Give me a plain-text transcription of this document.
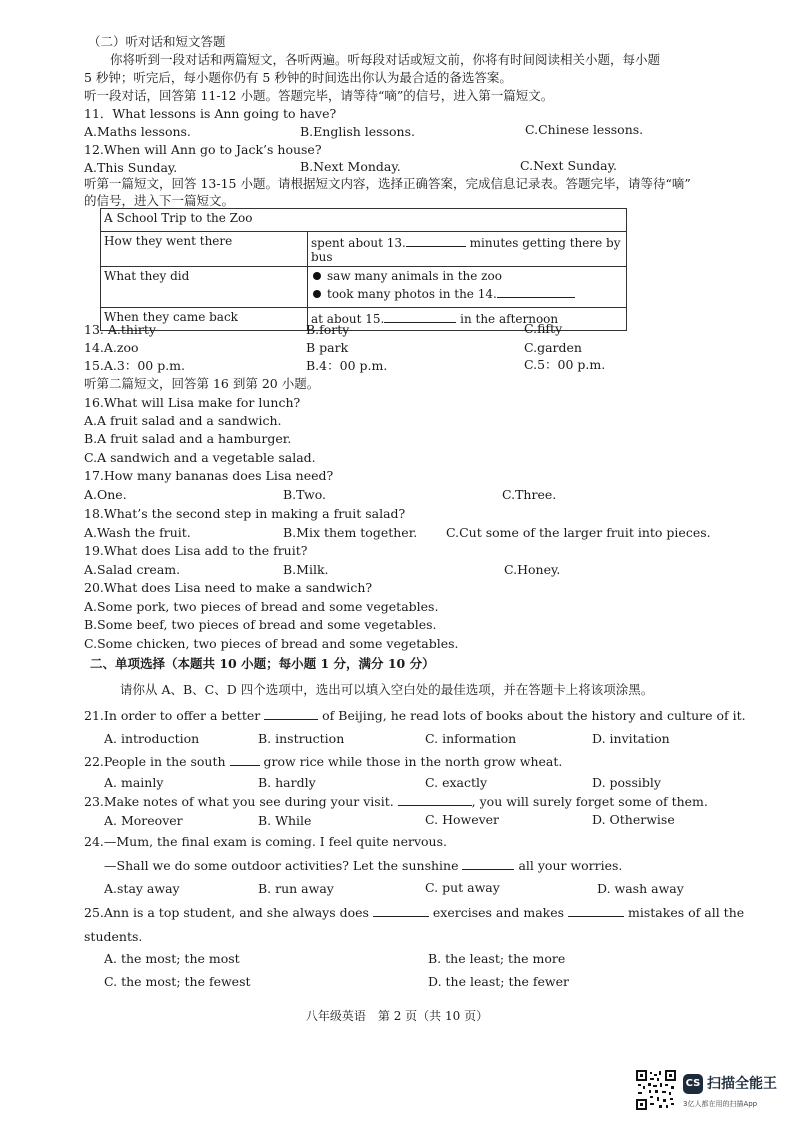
（二）听对话和短文答题
你将听到一段对话和两篇短文，各听两遍。听每段对话或短文前，你将有时间阅读相关小题，每小题
5 秒钟；听完后，每小题你仍有 5 秒钟的时间选出你认为最合适的备选答案。
听一段对话，回答第 11-12 小题。答题完毕，请等待“嘀”的信号，进入第一篇短文。
11．What lessons is Ann going to have?
A.Maths lessons.	B.English lessons.	C.Chinese lessons.
12.When will Ann go to Jack’s house?
A.This Sunday.	B.Next Monday.	C.Next Sunday.
听第一篇短文，回答 13-15 小题。请根据短文内容，选择正确答案，完成信息记录表。答题完毕，请等待“嘀”
的信号，进入下一篇短文。
A School Trip to the Zoo	
How they went there	spent about 13. minutes getting there by bus
What they did	saw many animals in the zoo
took many photos in the 14.

When they came back	at about 15. in the afternoon
13. A.thirty	B.forty	C.fifty
14.A.zoo	B park	C.garden
15.A.3：00 p.m.	B.4：00 p.m.	C.5：00 p.m.
听第二篇短文，回答第 16 到第 20 小题。
16.What will Lisa make for lunch?
A.A fruit salad and a sandwich.
B.A fruit salad and a hamburger.
C.A sandwich and a vegetable salad.
17.How many bananas does Lisa need?
A.One.	B.Two.	C.Three.
18.What’s the second step in making a fruit salad?
A.Wash the fruit.	B.Mix them together. C.Cut some of the larger fruit into pieces.
19.What does Lisa add to the fruit?
A.Salad cream.	B.Milk.	C.Honey.
20.What does Lisa need to make a sandwich?
A.Some pork, two pieces of bread and some vegetables.
B.Some beef, two pieces of bread and some vegetables.
C.Some chicken, two pieces of bread and some vegetables.
二、单项选择（本题共 10 小题；每小题 1 分，满分 10 分）
请你从 A、B、C、D 四个选项中，选出可以填入空白处的最佳选项，并在答题卡上将该项涂黑。
21.In order to offer a better	of Beijing, he read lots of books about the history and culture of it.
A. introduction	B. instruction	C. information	D. invitation
22.People in the south  grow rice while those in the north grow wheat.
A. mainly	B. hardly	C. exactly	D. possibly
23.Make notes of what you see during your visit.	, you will surely forget some of them.
A. Moreover	B. While	C. However	D. Otherwise
24.—Mum, the final exam is coming. I feel quite nervous.
—Shall we do some outdoor activities? Let the sunshine	all your worries.
A.stay away	B. run away	C. put away	D. wash away
25.Ann is a top student, and she always does	exercises and makes	mistakes of all the
students.
A. the most; the most	B. the least; the more
C. the most; the fewest	D. the least; the fewer
八年级英语　第 2 页（共 10 页）
CS 扫描全能王
3亿人都在用的扫描App
